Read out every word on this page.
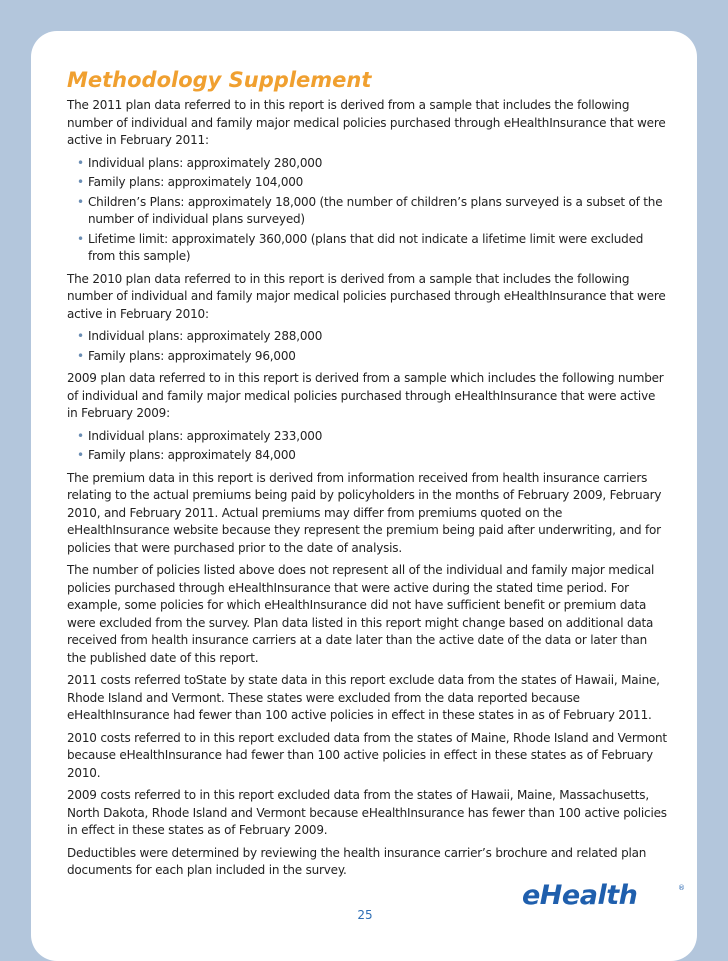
Methodology Supplement

The 2011 plan data referred to in this report is derived from a sample that includes the following number of individual and family major medical policies purchased through eHealthInsurance that were active in February 2011:

• Individual plans: approximately 280,000
• Family plans: approximately 104,000
• Children’s Plans: approximately 18,000 (the number of children’s plans surveyed is a subset of the number of individual plans surveyed)
• Lifetime limit: approximately 360,000 (plans that did not indicate a lifetime limit were excluded from this sample)

The 2010 plan data referred to in this report is derived from a sample that includes the following number of individual and family major medical policies purchased through eHealthInsurance that were active in February 2010:

• Individual plans: approximately 288,000
• Family plans: approximately 96,000

2009 plan data referred to in this report is derived from a sample which includes the following number of individual and family major medical policies purchased through eHealthInsurance that were active in February 2009:

• Individual plans: approximately 233,000
• Family plans: approximately 84,000

The premium data in this report is derived from information received from health insurance carriers relating to the actual premiums being paid by policyholders in the months of February 2009, February 2010, and February 2011. Actual premiums may differ from premiums quoted on the eHealthInsurance website because they represent the premium being paid after underwriting, and for policies that were purchased prior to the date of analysis.

The number of policies listed above does not represent all of the individual and family major medical policies purchased through eHealthInsurance that were active during the stated time period. For example, some policies for which eHealthInsurance did not have sufficient benefit or premium data were excluded from the survey. Plan data listed in this report might change based on additional data received from health insurance carriers at a date later than the active date of the data or later than the published date of this report.

2011 costs referred toState by state data in this report exclude data from the states of Hawaii, Maine, Rhode Island and Vermont. These states were excluded from the data reported because eHealthInsurance had fewer than 100 active policies in effect in these states in as of February 2011.

2010 costs referred to in this report excluded data from the states of Maine, Rhode Island and Vermont because eHealthInsurance had fewer than 100 active policies in effect in these states as of February 2010.

2009 costs referred to in this report excluded data from the states of Hawaii, Maine, Massachusetts, North Dakota, Rhode Island and Vermont because eHealthInsurance has fewer than 100 active policies in effect in these states as of February 2009.

Deductibles were determined by reviewing the health insurance carrier’s brochure and related plan documents for each plan included in the survey.

25
eHealth	®
